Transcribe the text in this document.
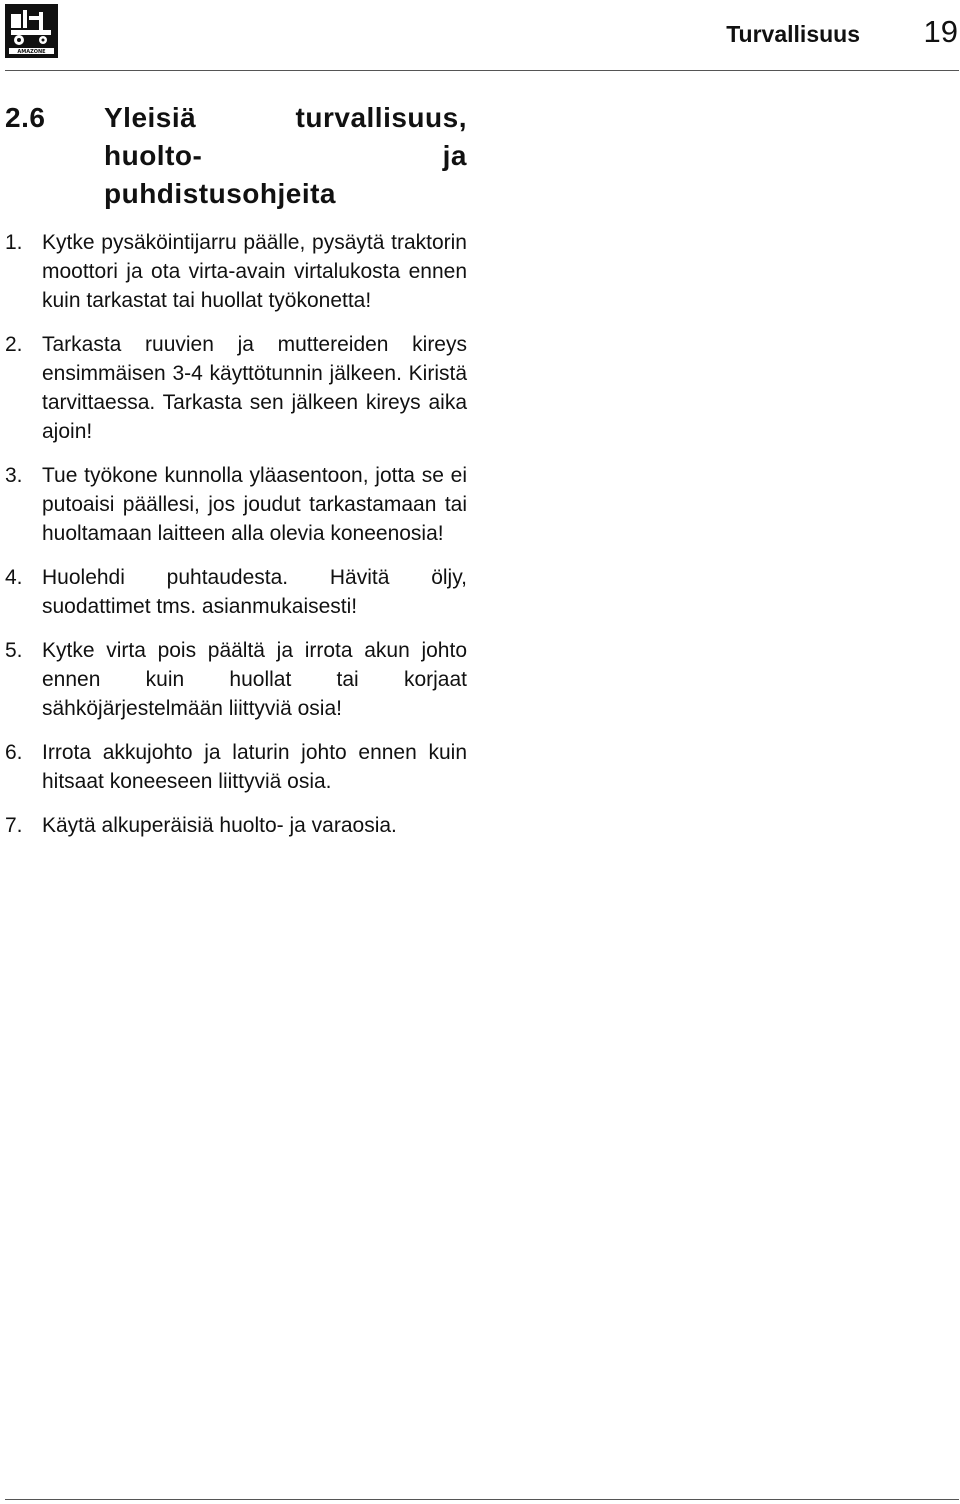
AMAZONE
Turvallisuus	19
2.6	Yleisiä turvallisuus,
huolto- ja
puhdistusohjeita
1. Kytke pysäköintijarru päälle, pysäytä traktorin moottori ja ota virta-avain virtalukosta ennen kuin tarkastat tai huollat työkonetta!
2. Tarkasta ruuvien ja muttereiden kireys ensimmäisen 3-4 käyttötunnin jälkeen. Kiristä tarvittaessa. Tarkasta sen jälkeen kireys aika ajoin!
3. Tue työkone kunnolla yläasentoon, jotta se ei putoaisi päällesi, jos joudut tarkastamaan tai huoltamaan laitteen alla olevia koneenosia!
4. Huolehdi puhtaudesta. Hävitä öljy, suodattimet tms. asianmukaisesti!
5. Kytke virta pois päältä ja irrota akun johto ennen kuin huollat tai korjaat sähköjärjestelmään liittyviä osia!
6. Irrota akkujohto ja laturin johto ennen kuin hitsaat koneeseen liittyviä osia.
7. Käytä alkuperäisiä huolto- ja varaosia.
